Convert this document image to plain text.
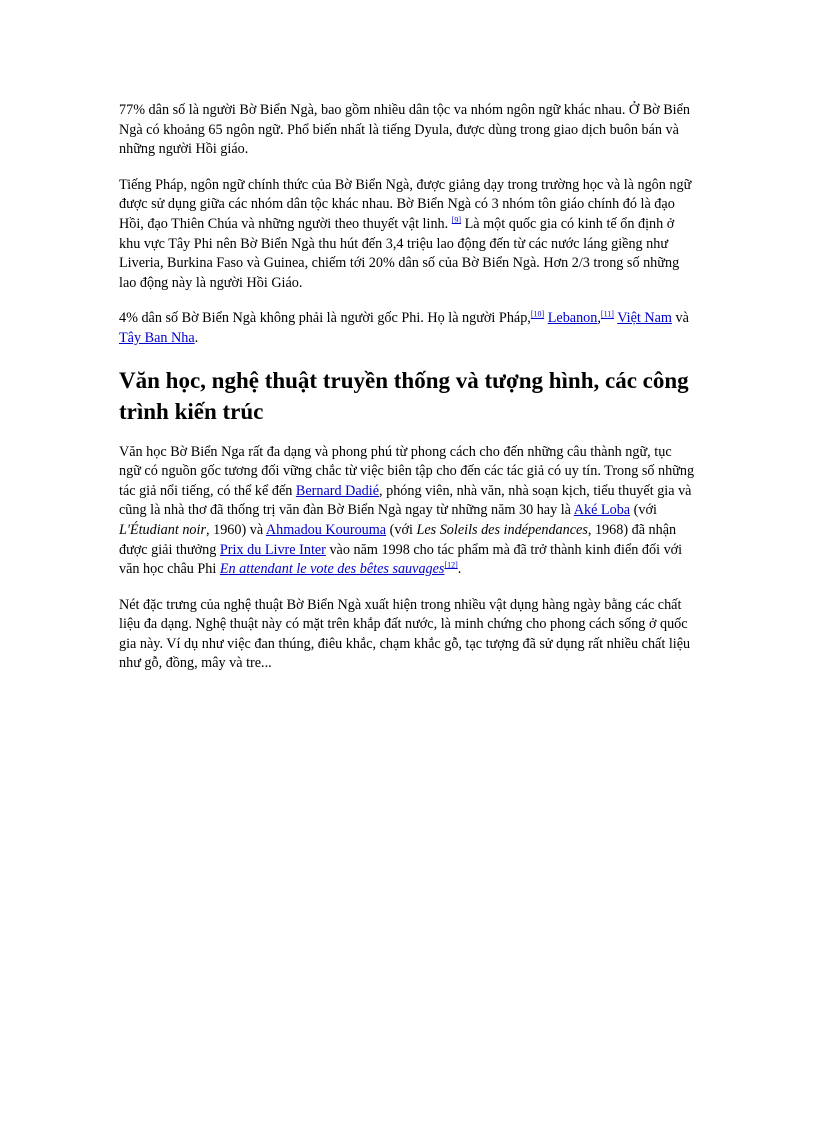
77% dân số là người Bờ Biển Ngà, bao gồm nhiều dân tộc va nhóm ngôn ngữ khác nhau. Ở Bờ Biển Ngà có khoảng 65 ngôn ngữ. Phổ biến nhất là tiếng Dyula, được dùng trong giao dịch buôn bán và những người Hồi giáo.

Tiếng Pháp, ngôn ngữ chính thức của Bờ Biển Ngà, được giảng dạy trong trường học và là ngôn ngữ được sử dụng giữa các nhóm dân tộc khác nhau. Bờ Biển Ngà có 3 nhóm tôn giáo chính đó là đạo Hồi, đạo Thiên Chúa và những người theo thuyết vật linh. [9] Là một quốc gia có kinh tế ổn định ở khu vực Tây Phi nên Bờ Biển Ngà thu hút đến 3,4 triệu lao động đến từ các nước láng giềng như Liveria, Burkina Faso và Guinea, chiếm tới 20% dân số của Bờ Biển Ngà. Hơn 2/3 trong số những lao động này là người Hồi Giáo.

4% dân số Bờ Biển Ngà không phải là người gốc Phi. Họ là người Pháp,[10] Lebanon,[11] Việt Nam và Tây Ban Nha.

Văn học, nghệ thuật truyền thống và tượng hình, các công trình kiến trúc

Văn học Bờ Biển Nga rất đa dạng và phong phú từ phong cách cho đến những câu thành ngữ, tục ngữ có nguồn gốc tương đối vững chắc từ việc biên tập cho đến các tác giả có uy tín. Trong số những tác giả nổi tiếng, có thể kể đến Bernard Dadié, phóng viên, nhà văn, nhà soạn kịch, tiểu thuyết gia và cũng là nhà thơ đã thống trị văn đàn Bờ Biển Ngà ngay từ những năm 30 hay là Aké Loba (với L'Étudiant noir, 1960) và Ahmadou Kourouma (với Les Soleils des indépendances, 1968) đã nhận được giải thưởng Prix du Livre Inter vào năm 1998 cho tác phẩm mà đã trở thành kinh điển đối với văn học châu Phi En attendant le vote des bêtes sauvages[12].

Nét đặc trưng của nghệ thuật Bờ Biển Ngà xuất hiện trong nhiều vật dụng hàng ngày bằng các chất liệu đa dạng. Nghệ thuật này có mặt trên khắp đất nước, là minh chứng cho phong cách sống ở quốc gia này. Ví dụ như việc đan thúng, điêu khắc, chạm khắc gỗ, tạc tượng đã sử dụng rất nhiều chất liệu như gỗ, đồng, mây và tre...
